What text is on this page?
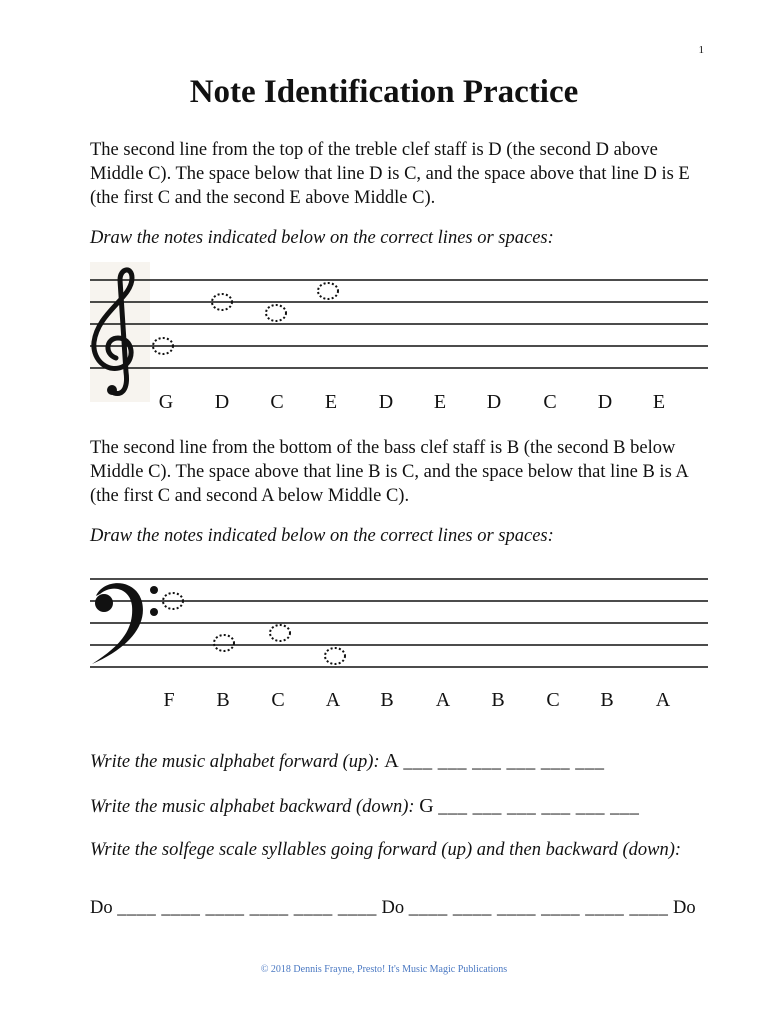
1
Note Identification Practice
The second line from the top of the treble clef staff is D (the second D above Middle C). The space below that line D is C, and the space above that line D is E (the first C and the second E above Middle C).
Draw the notes indicated below on the correct lines or spaces:
G	D	C	E	D	E	D	C	D	E
The second line from the bottom of the bass clef staff is B (the second B below Middle C). The space above that line B is C, and the space below that line B is A (the first C and second A below Middle C).
Draw the notes indicated below on the correct lines or spaces:
F	B	C	A	B	A	B	C	B	A
Write the music alphabet forward (up): A ___ ___ ___ ___ ___ ___
Write the music alphabet backward (down): G ___ ___ ___ ___ ___ ___
Write the solfege scale syllables going forward (up) and then backward (down):
Do ____ ____ ____ ____ ____ ____ Do ____ ____ ____ ____ ____ ____ Do
© 2018 Dennis Frayne, Presto! It's Music Magic Publications
